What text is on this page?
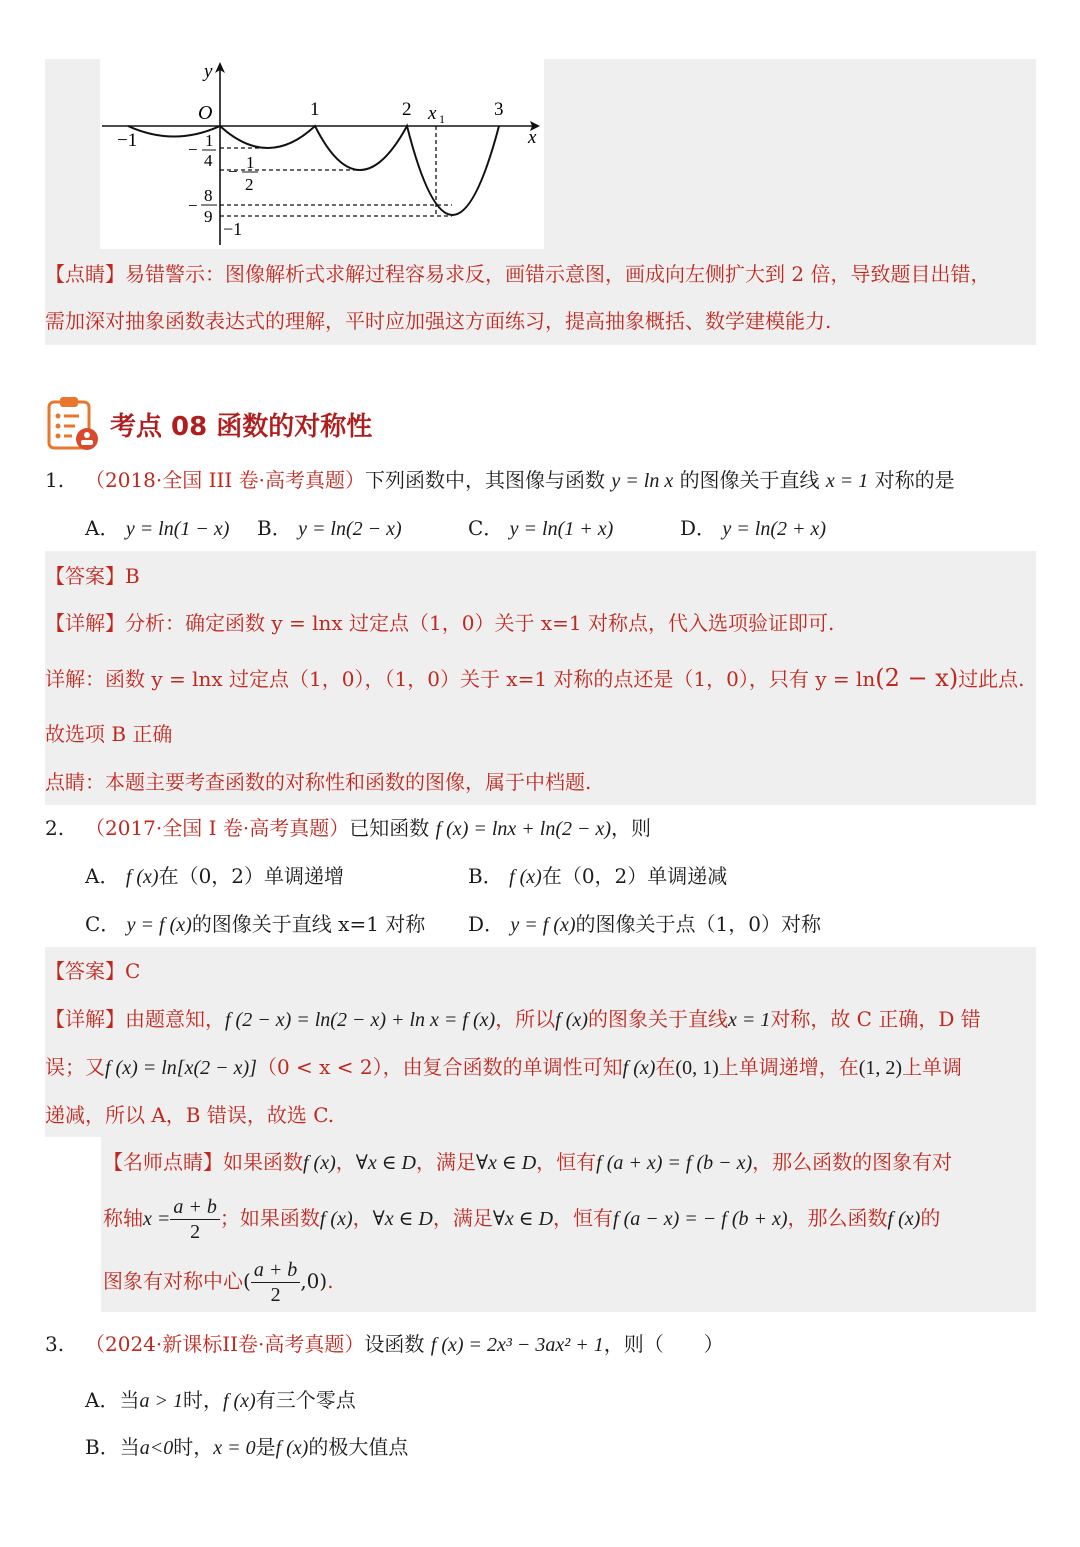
y
x
O
−1
1	2	3
x 1
− 1
4
− 1
2
−
8
9
−1
【点睛】易错警示：图像解析式求解过程容易求反，画错示意图，画成向左侧扩大到 2 倍，导致题目出错，
需加深对抽象函数表达式的理解，平时应加强这方面练习，提高抽象概括、数学建模能力.
考点 08 函数的对称性
1. （2018·全国 III 卷·高考真题）下列函数中，其图像与函数 y = ln x 的图像关于直线 x = 1 对称的是
A． y = ln(1 − x) B． y = ln(2 − x)	C． y = ln(1 + x)	D． y = ln(2 + x)
【答案】B
【详解】分析：确定函数 y = lnx 过定点（1，0）关于 x=1 对称点，代入选项验证即可.
详解：函数 y = lnx 过定点（1，0），（1，0）关于 x=1 对称的点还是（1，0），只有 y = ln(2 − x)过此点.
故选项 B 正确
点睛：本题主要考查函数的对称性和函数的图像，属于中档题.
2. （2017·全国 I 卷·高考真题）已知函数 f (x) = lnx + ln(2 − x)，则
A． f (x)在（0，2）单调递增	B． f (x)在（0，2）单调递减
C． y = f (x)的图像关于直线 x=1 对称 D． y = f (x)的图像关于点（1，0）对称
【答案】C
【详解】由题意知，f (2 − x) = ln(2 − x) + ln x = f (x)，所以f (x)的图象关于直线x = 1对称，故 C 正确，D 错
误；又f (x) = ln[x(2 − x)]（0 < x < 2），由复合函数的单调性可知f (x)在(0, 1)上单调递增，在(1, 2)上单调
递减，所以 A，B 错误，故选 C.
【名师点睛】如果函数f (x)，∀x ∈ D，满足∀x ∈ D，恒有f (a + x) = f (b − x)，那么函数的图象有对
称轴$x = \frac{a + b}{2}$ ；如果函数f (x)，∀x ∈ D，满足∀x ∈ D，恒有f (a − x) = − f (b + x)，那么函数f (x)的
图象有对称中心( $\frac{a + b}{2} ,0$).
3. （2024·新课标II卷·高考真题）设函数 f (x) = 2x³ − 3ax² + 1，则（　　）
A．当a > 1时，f (x)有三个零点
B．当a<0时，x = 0是f (x)的极大值点
